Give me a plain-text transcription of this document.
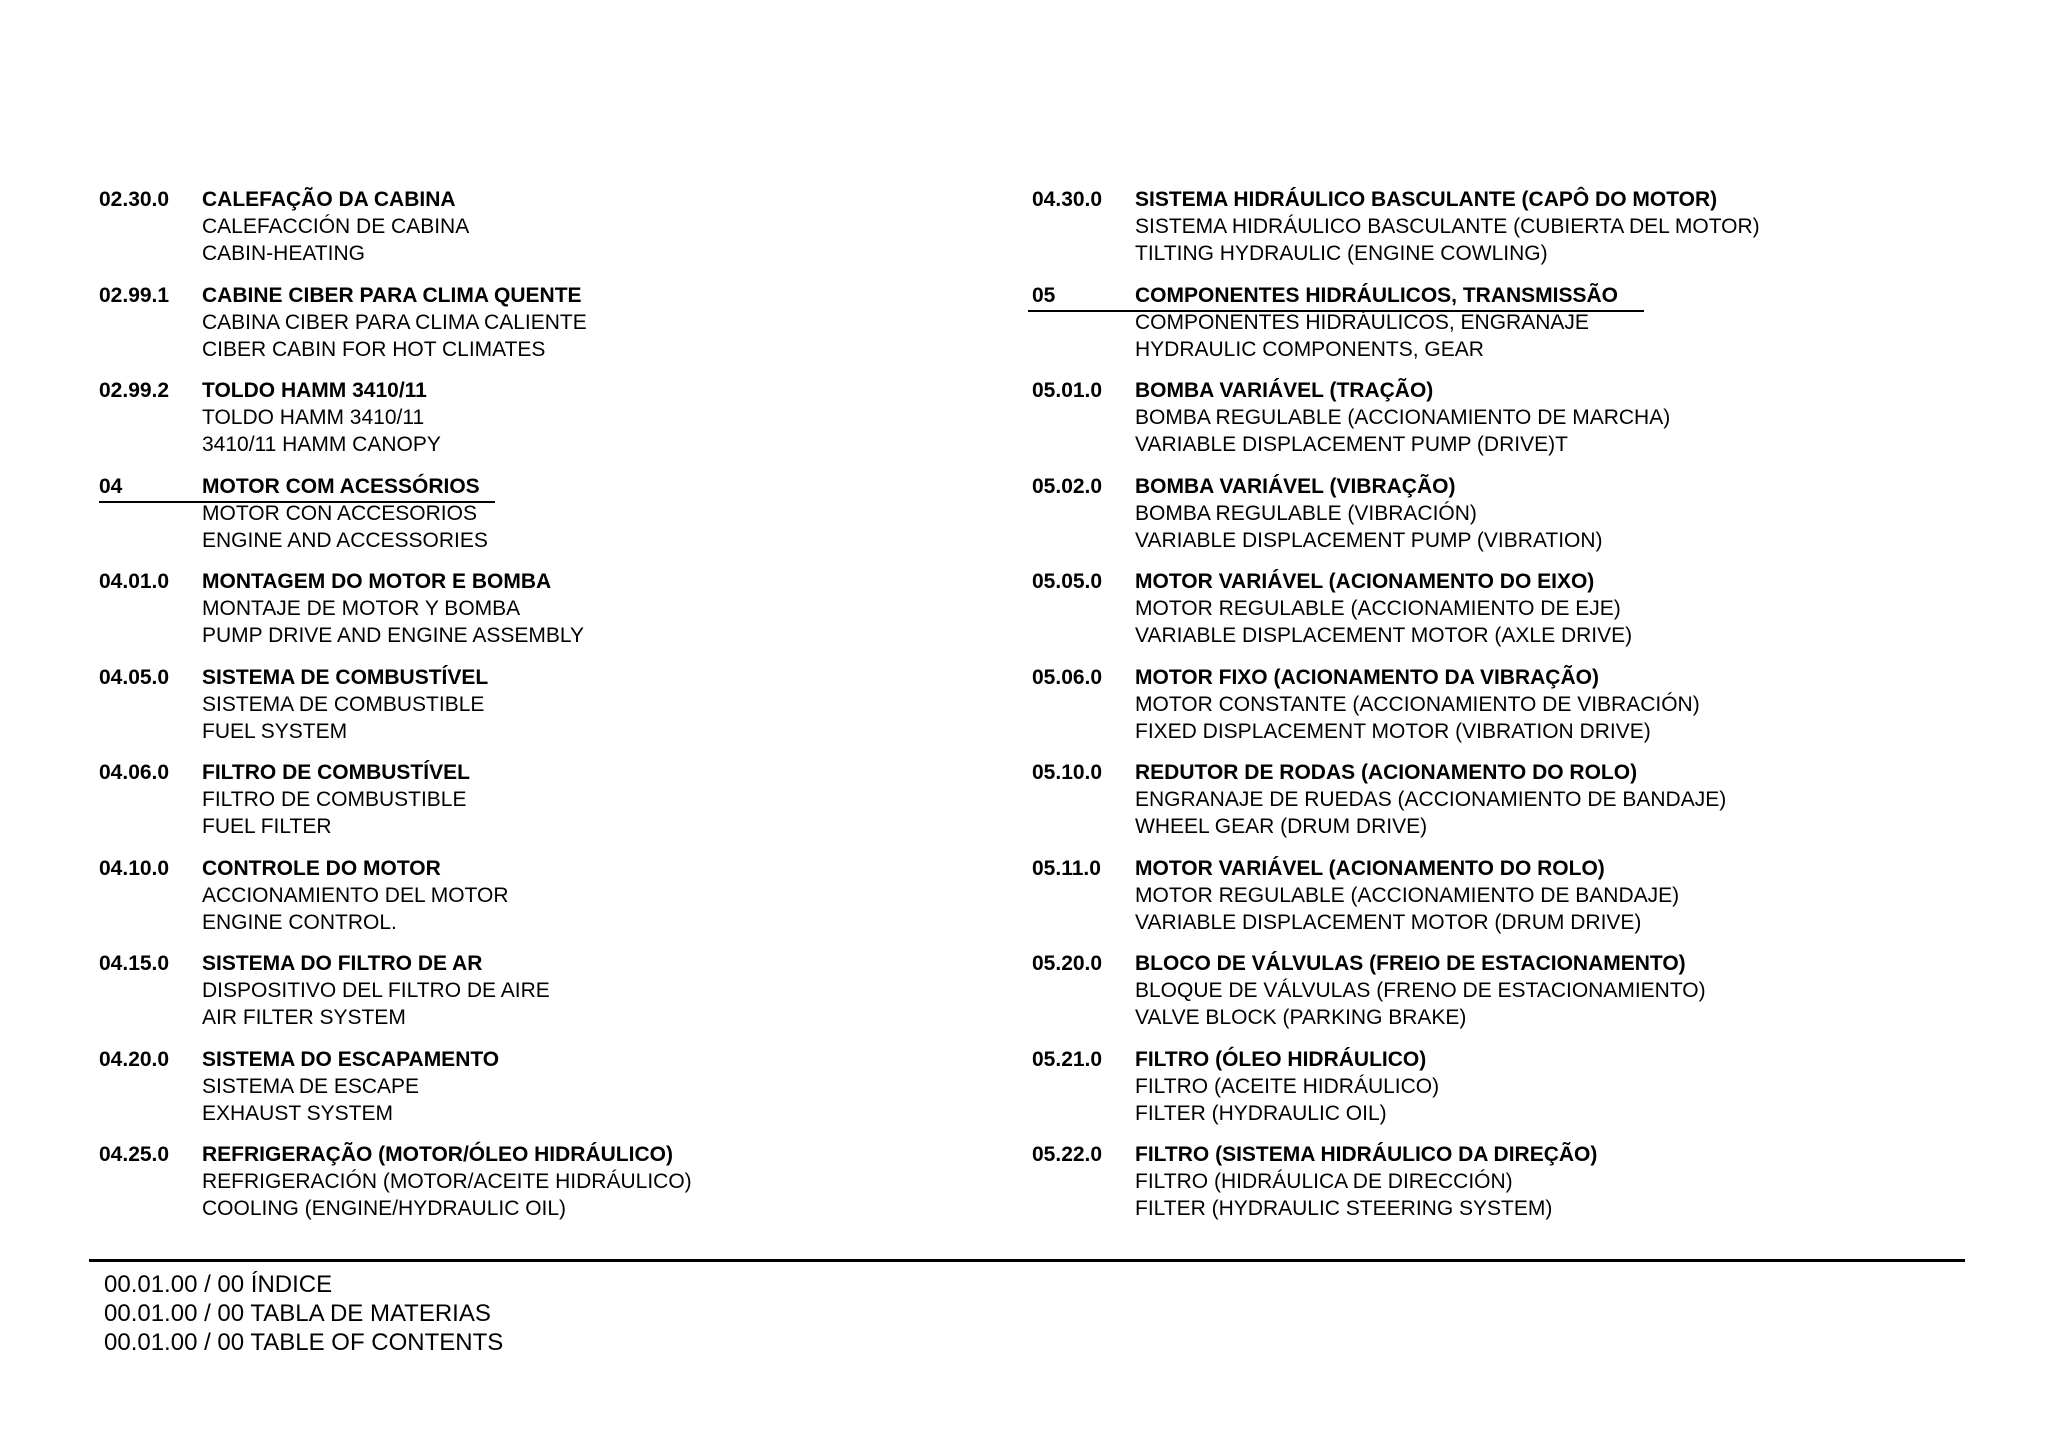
02.30.0 CALEFAÇÃO DA CABINA
CALEFACCIÓN DE CABINA
CABIN-HEATING
02.99.1 CABINE CIBER PARA CLIMA QUENTE
CABINA CIBER PARA CLIMA CALIENTE
CIBER CABIN FOR HOT CLIMATES
02.99.2 TOLDO HAMM 3410/11
TOLDO HAMM 3410/11
3410/11 HAMM CANOPY
04	MOTOR COM ACESSÓRIOS
MOTOR CON ACCESORIOS
ENGINE AND ACCESSORIES
04.01.0 MONTAGEM DO MOTOR E BOMBA
MONTAJE DE MOTOR Y BOMBA
PUMP DRIVE AND ENGINE ASSEMBLY
04.05.0 SISTEMA DE COMBUSTÍVEL
SISTEMA DE COMBUSTIBLE
FUEL SYSTEM
04.06.0 FILTRO DE COMBUSTÍVEL
FILTRO DE COMBUSTIBLE
FUEL FILTER
04.10.0 CONTROLE DO MOTOR
ACCIONAMIENTO DEL MOTOR
ENGINE CONTROL.
04.15.0 SISTEMA DO FILTRO DE AR
DISPOSITIVO DEL FILTRO DE AIRE
AIR FILTER SYSTEM
04.20.0 SISTEMA DO ESCAPAMENTO
SISTEMA DE ESCAPE
EXHAUST SYSTEM
04.25.0 REFRIGERAÇÃO (MOTOR/ÓLEO HIDRÁULICO)
REFRIGERACIÓN (MOTOR/ACEITE HIDRÁULICO)
COOLING (ENGINE/HYDRAULIC OIL)
04.30.0 SISTEMA HIDRÁULICO BASCULANTE (CAPÔ DO MOTOR)
SISTEMA HIDRÁULICO BASCULANTE (CUBIERTA DEL MOTOR)
TILTING HYDRAULIC (ENGINE COWLING)
05	COMPONENTES HIDRÁULICOS, TRANSMISSÃO
COMPONENTES HIDRÁULICOS, ENGRANAJE
HYDRAULIC COMPONENTS, GEAR
05.01.0 BOMBA VARIÁVEL (TRAÇÃO)
BOMBA REGULABLE (ACCIONAMIENTO DE MARCHA)
VARIABLE DISPLACEMENT PUMP (DRIVE)T
05.02.0 BOMBA VARIÁVEL (VIBRAÇÃO)
BOMBA REGULABLE (VIBRACIÓN)
VARIABLE DISPLACEMENT PUMP (VIBRATION)
05.05.0 MOTOR VARIÁVEL (ACIONAMENTO DO EIXO)
MOTOR REGULABLE (ACCIONAMIENTO DE EJE)
VARIABLE DISPLACEMENT MOTOR (AXLE DRIVE)
05.06.0 MOTOR FIXO (ACIONAMENTO DA VIBRAÇÃO)
MOTOR CONSTANTE (ACCIONAMIENTO DE VIBRACIÓN)
FIXED DISPLACEMENT MOTOR (VIBRATION DRIVE)
05.10.0 REDUTOR DE RODAS (ACIONAMENTO DO ROLO)
ENGRANAJE DE RUEDAS (ACCIONAMIENTO DE BANDAJE)
WHEEL GEAR (DRUM DRIVE)
05.11.0 MOTOR VARIÁVEL (ACIONAMENTO DO ROLO)
MOTOR REGULABLE (ACCIONAMIENTO DE BANDAJE)
VARIABLE DISPLACEMENT MOTOR (DRUM DRIVE)
05.20.0 BLOCO DE VÁLVULAS (FREIO DE ESTACIONAMENTO)
BLOQUE DE VÁLVULAS (FRENO DE ESTACIONAMIENTO)
VALVE BLOCK (PARKING BRAKE)
05.21.0 FILTRO (ÓLEO HIDRÁULICO)
FILTRO (ACEITE HIDRÁULICO)
FILTER (HYDRAULIC OIL)
05.22.0 FILTRO (SISTEMA HIDRÁULICO DA DIREÇÃO)
FILTRO (HIDRÁULICA DE DIRECCIÓN)
FILTER (HYDRAULIC STEERING SYSTEM)
00.01.00 / 00 ÍNDICE
00.01.00 / 00 TABLA DE MATERIAS
00.01.00 / 00 TABLE OF CONTENTS
